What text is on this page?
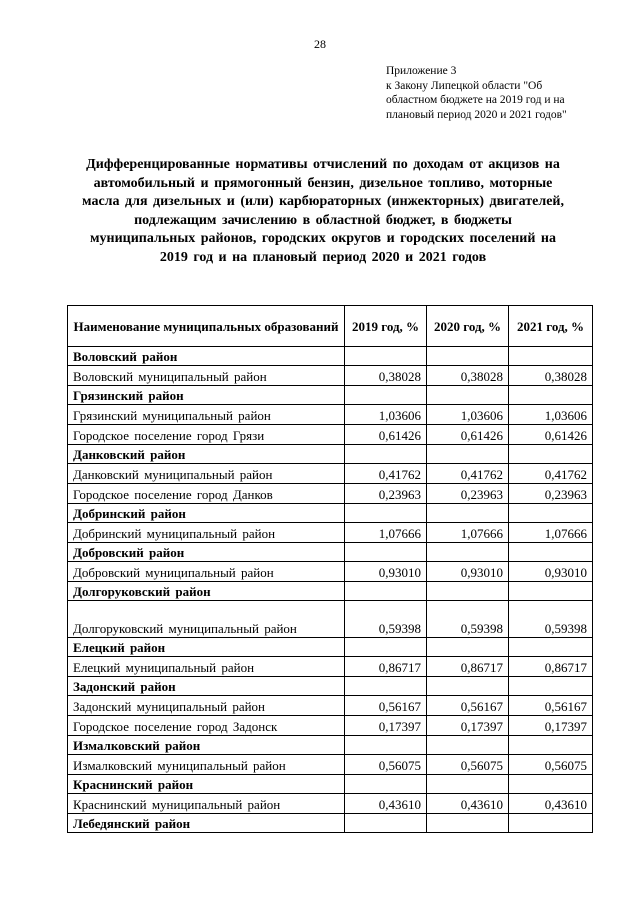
28
Приложение 3
к Закону Липецкой области "Об
областном бюджете на 2019 год и на
плановый период 2020 и 2021 годов"
Дифференцированные нормативы отчислений по доходам от акцизов на автомобильный и прямогонный бензин, дизельное топливо, моторные масла для дизельных и (или) карбюраторных (инжекторных) двигателей, подлежащим зачислению в областной бюджет, в бюджеты муниципальных районов, городских округов и городских поселений на 2019 год и на плановый период 2020 и 2021 годов
Наименование муниципальных образований	2019 год, %	2020 год, %	2021 год, %
Воловский район			
Воловский муниципальный район	0,38028	0,38028	0,38028
Грязинский район			
Грязинский муниципальный район	1,03606	1,03606	1,03606
Городское поселение город Грязи	0,61426	0,61426	0,61426
Данковский район			
Данковский муниципальный район	0,41762	0,41762	0,41762
Городское поселение город Данков	0,23963	0,23963	0,23963
Добринский район			
Добринский муниципальный район	1,07666	1,07666	1,07666
Добровский район			
Добровский муниципальный район	0,93010	0,93010	0,93010
Долгоруковский район			
Долгоруковский муниципальный район	0,59398	0,59398	0,59398
Елецкий район			
Елецкий муниципальный район	0,86717	0,86717	0,86717
Задонский район			
Задонский муниципальный район	0,56167	0,56167	0,56167
Городское поселение город Задонск	0,17397	0,17397	0,17397
Измалковский район			
Измалковский муниципальный район	0,56075	0,56075	0,56075
Краснинский район			
Краснинский муниципальный район	0,43610	0,43610	0,43610
Лебедянский район			
